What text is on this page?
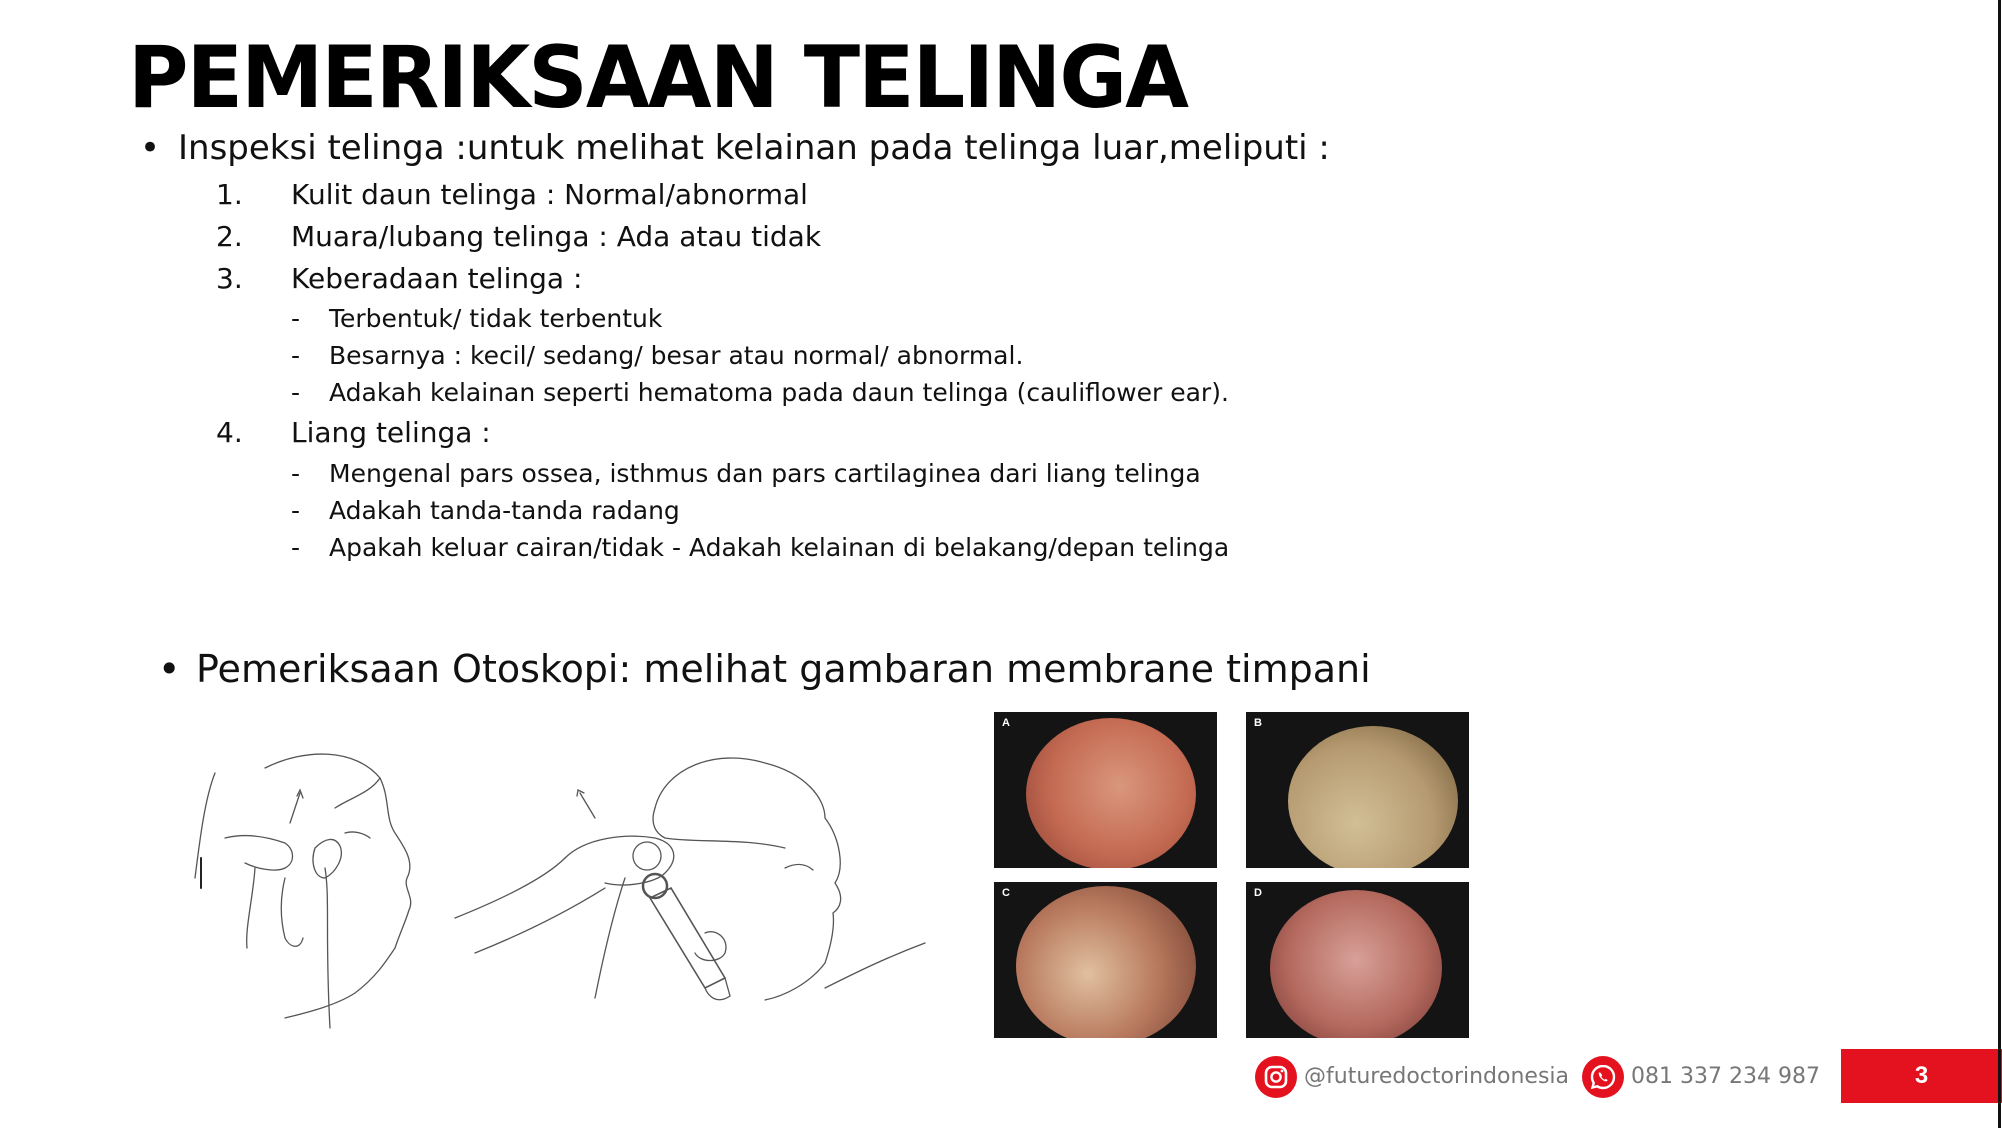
PEMERIKSAAN TELINGA
• Inspeksi telinga :untuk melihat kelainan pada telinga luar,meliputi :
1. Kulit daun telinga : Normal/abnormal
2. Muara/lubang telinga : Ada atau tidak
3. Keberadaan telinga :
- Terbentuk/ tidak terbentuk
- Besarnya : kecil/ sedang/ besar atau normal/ abnormal.
- Adakah kelainan seperti hematoma pada daun telinga (cauliflower ear).
4. Liang telinga :
- Mengenal pars ossea, isthmus dan pars cartilaginea dari liang telinga
- Adakah tanda-tanda radang
- Apakah keluar cairan/tidak - Adakah kelainan di belakang/depan telinga
• Pemeriksaan Otoskopi: melihat gambaran membrane timpani
A	B
C	D
@futuredoctorindonesia	081 337 234 987	3
